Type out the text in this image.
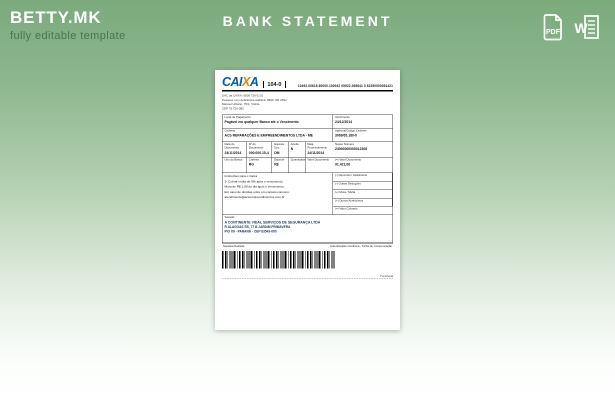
BETTY.MK
fully editable template
BANK STATEMENT
PDF W
CAIXA 104-0	10492.00618 60000.100042 09922.269841 3 62290000091421
SAC da CAIXA: 0800 726 0101
Pessoas com deficiência auditiva: 0800 726 2492
Manoel Urbano, 75/1, Vitória
CEP 75.720-080
Local de Pagamento
Pagável em qualquer Banco até o Vencimento
Vencimento
24/12/2014
Cedente
ACS REPARAÇÕES E EMPREENDIMENTOS LTDA - ME
Agência/Código Cedente
3069/65.180-0
Data do Documento
24/11/2014
Nº do Documento
000.000.15-4
Espécie Doc.
DM
Aceite
N
Data Processamento
24/11/2014
Nosso Número
24000000000012308
Uso do Banco	Carteira
RG
Espécie
R$
Quantidade Valor Documento	(=) Valor Documento
91.421,06
Instruções para o Caixa
1- Cobrar multa de 5% após o vencimento.
Mora de R$ 1,00 ao dia após o vencimento.
Em caso de dúvidas entre em contato conosco: atendimento@acsempreendimentos.com.br
(-) Desconto / Abatimento
(-) Outras Deduções
(+) Mora / Multa
(+) Outros Acréscimos
(=) Valor Cobrado
Sacado:
A CONTINENTE VIDAL SERVIÇOS DE SEGURANÇA LTDA
R ALAGOAS RS, 77 B JARDIM PRIMAVERA
PIO XII - PARANÁ - CEP 83543-000
Sacador/Avalista	Autenticação mecânica - Ficha de Compensação
Pontilhada
